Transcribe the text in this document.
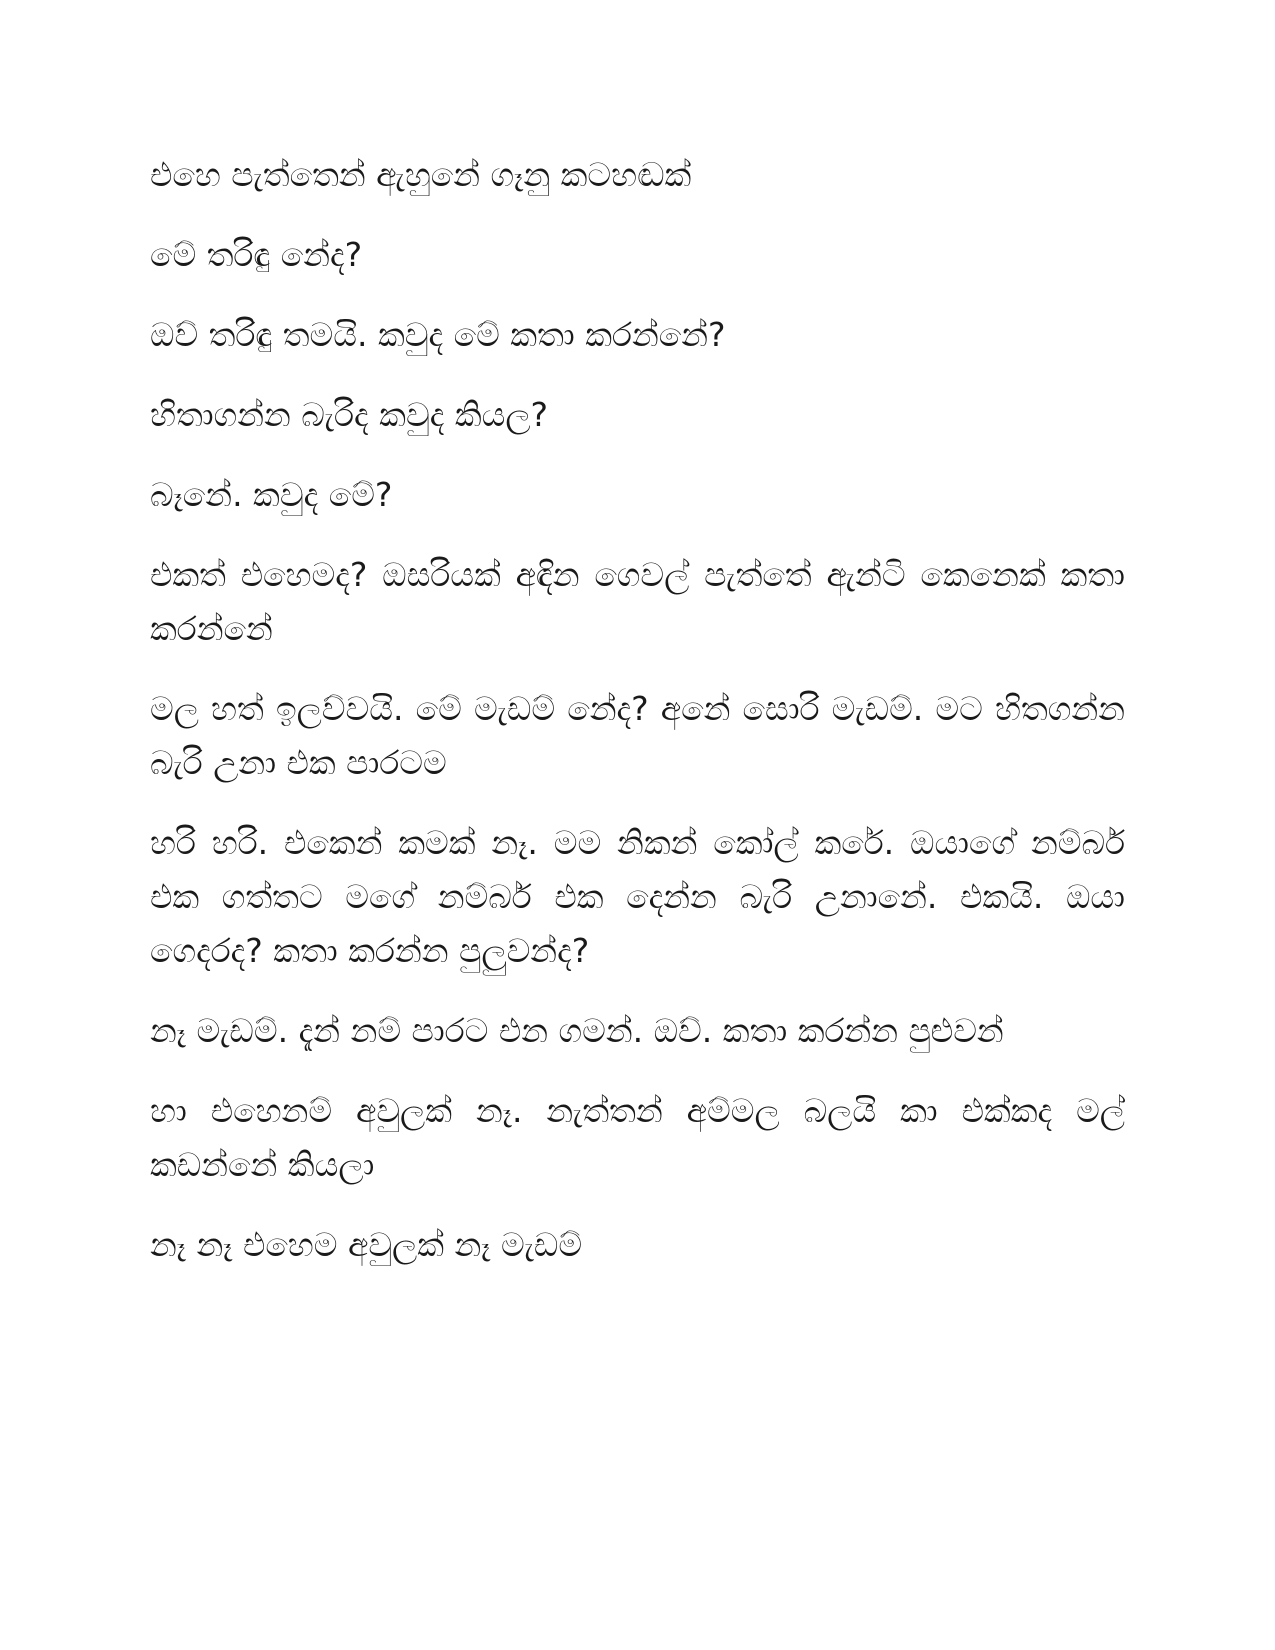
එහෙ පැත්තෙන් ඇහුනේ ගෑනු කටහඬක්

මේ තරිඳු නේද?

ඔව් තරිඳු තමයි. කවුද මේ කතා කරන්නේ?

හිතාගන්න බැරිද කවුද කියල?

බෑනේ. කවුද මේ?

එකත් එහෙමද? ඔසරියක් අඳින ගෙවල් පැත්තේ ඇන්ටි කෙනෙක් කතා කරන්නේ

මල හත් ඉලව්වයි. මේ මැඩම් නේද? අනේ සොරි මැඩම්. මට හිතගන්න බැරි උනා එක පාරටම

හරි හරි. එකෙන් කමක් නෑ. මම නිකන් කෝල් කරේ. ඔයාගේ නම්බර් එක ගත්තට මගේ නම්බර් එක දෙන්න බැරි උනානේ. එකයි. ඔයා ගෙදරද? කතා කරන්න පුලුවන්ද?

නෑ මැඩම්. දැන් නම් පාරට එන ගමන්. ඔව්. කතා කරන්න පුළුවන්

හා එහෙනම් අවුලක් නෑ. නැත්තන් අම්මල බලයි කා එක්කද මල් කඩන්නේ කියලා

නෑ නෑ එහෙම අවුලක් නෑ මැඩම්
